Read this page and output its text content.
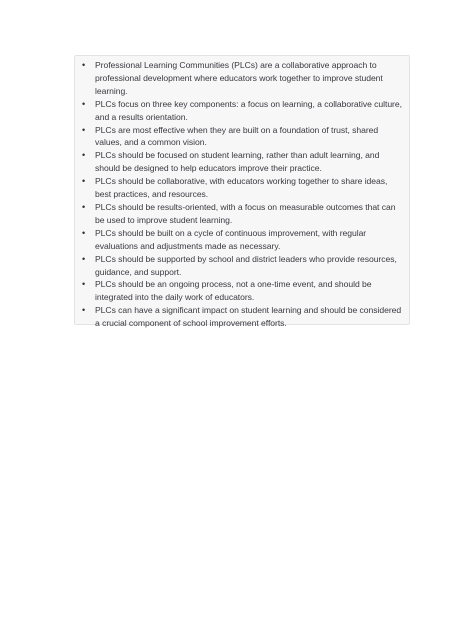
• Professional Learning Communities (PLCs) are a collaborative approach to professional development where educators work together to improve student learning.
• PLCs focus on three key components: a focus on learning, a collaborative culture, and a results orientation.
• PLCs are most effective when they are built on a foundation of trust, shared values, and a common vision.
• PLCs should be focused on student learning, rather than adult learning, and should be designed to help educators improve their practice.
• PLCs should be collaborative, with educators working together to share ideas, best practices, and resources.
• PLCs should be results-oriented, with a focus on measurable outcomes that can be used to improve student learning.
• PLCs should be built on a cycle of continuous improvement, with regular evaluations and adjustments made as necessary.
• PLCs should be supported by school and district leaders who provide resources, guidance, and support.
• PLCs should be an ongoing process, not a one-time event, and should be integrated into the daily work of educators.
• PLCs can have a significant impact on student learning and should be considered a crucial component of school improvement efforts.
